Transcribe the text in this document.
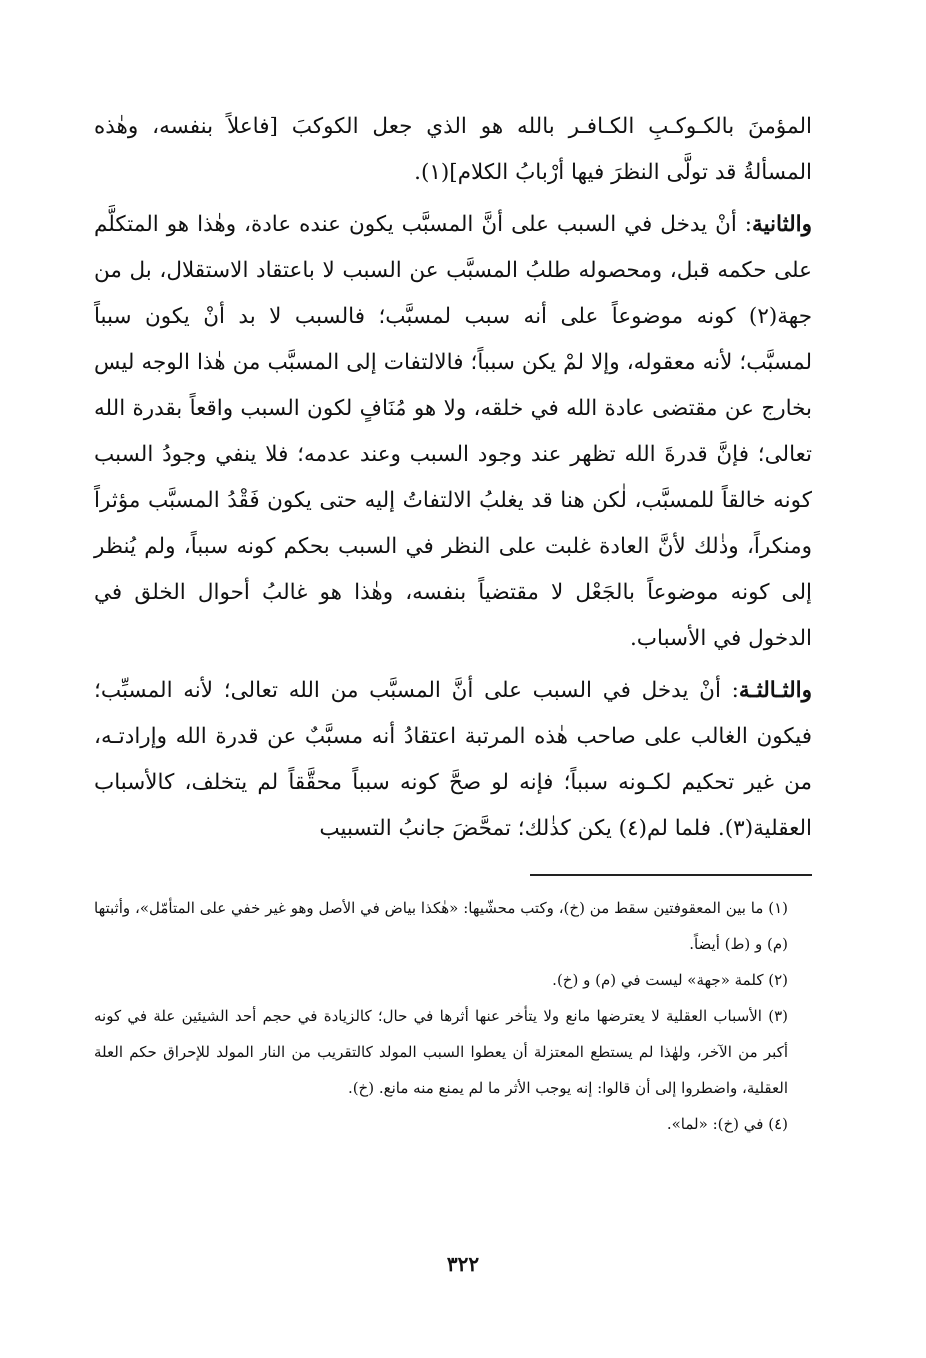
المؤمنَ بالكـوكـبِ الكـافـر بالله هو الذي جعل الكوكبَ [فاعلاً بنفسه، وهٰذه المسألةُ قد تولَّى النظرَ فيها أرْبابُ الكلام](١).

والثانية: أنْ يدخل في السبب على أنَّ المسبَّب يكون عنده عادة، وهٰذا هو المتكلَّم على حكمه قبل، ومحصوله طلبُ المسبَّب عن السبب لا باعتقاد الاستقلال، بل من جهة(٢) كونه موضوعاً على أنه سبب لمسبَّب؛ فالسبب لا بد أنْ يكون سبباً لمسبَّب؛ لأنه معقوله، وإلا لمْ يكن سبباً؛ فالالتفات إلى المسبَّب من هٰذا الوجه ليس بخارج عن مقتضى عادة الله في خلقه، ولا هو مُنَافٍ لكون السبب واقعاً بقدرة الله تعالى؛ فإنَّ قدرةَ الله تظهر عند وجود السبب وعند عدمه؛ فلا ينفي وجودُ السبب كونه خالقاً للمسبَّب، لٰكن هنا قد يغلبُ الالتفاتُ إليه حتى يكون فَقْدُ المسبَّب مؤثراً ومنكراً، وذٰلك لأنَّ العادة غلبت على النظر في السبب بحكم كونه سبباً، ولم يُنظر إلى كونه موضوعاً بالجَعْل لا مقتضياً بنفسه، وهٰذا هو غالبُ أحوال الخلق في الدخول في الأسباب.

والثـالثـة: أنْ يدخل في السبب على أنَّ المسبَّب من الله تعالى؛ لأنه المسبِّب؛ فيكون الغالب على صاحب هٰذه المرتبة اعتقادُ أنه مسبَّبٌ عن قدرة الله وإرادتـه، من غير تحكيم لكـونه سبباً؛ فإنه لو صحَّ كونه سبباً محقَّقاً لم يتخلف، كالأسباب العقلية(٣). فلما لم(٤) يكن كذٰلك؛ تمحَّضَ جانبُ التسبيب

(١) ما بين المعقوفتين سقط من (خ)، وكتب محشّيها: «هٰكذا بياض في الأصل وهو غير خفي على المتأمّل»، وأثبتها (م) و (ط) أيضاً.

(٢) كلمة «جهة» ليست في (م) و (خ).

(٣) الأسباب العقلية لا يعترضها مانع ولا يتأخر عنها أثرها في حال؛ كالزيادة في حجم أحد الشيئين علة في كونه أكبر من الآخر، ولهٰذا لم يستطع المعتزلة أن يعطوا السبب المولد كالتقريب من النار المولد للإحراق حكم العلة العقلية، واضطروا إلى أن قالوا: إنه يوجب الأثر ما لم يمنع منه مانع. (خ).

(٤) في (خ): «لما».

٣٢٢
